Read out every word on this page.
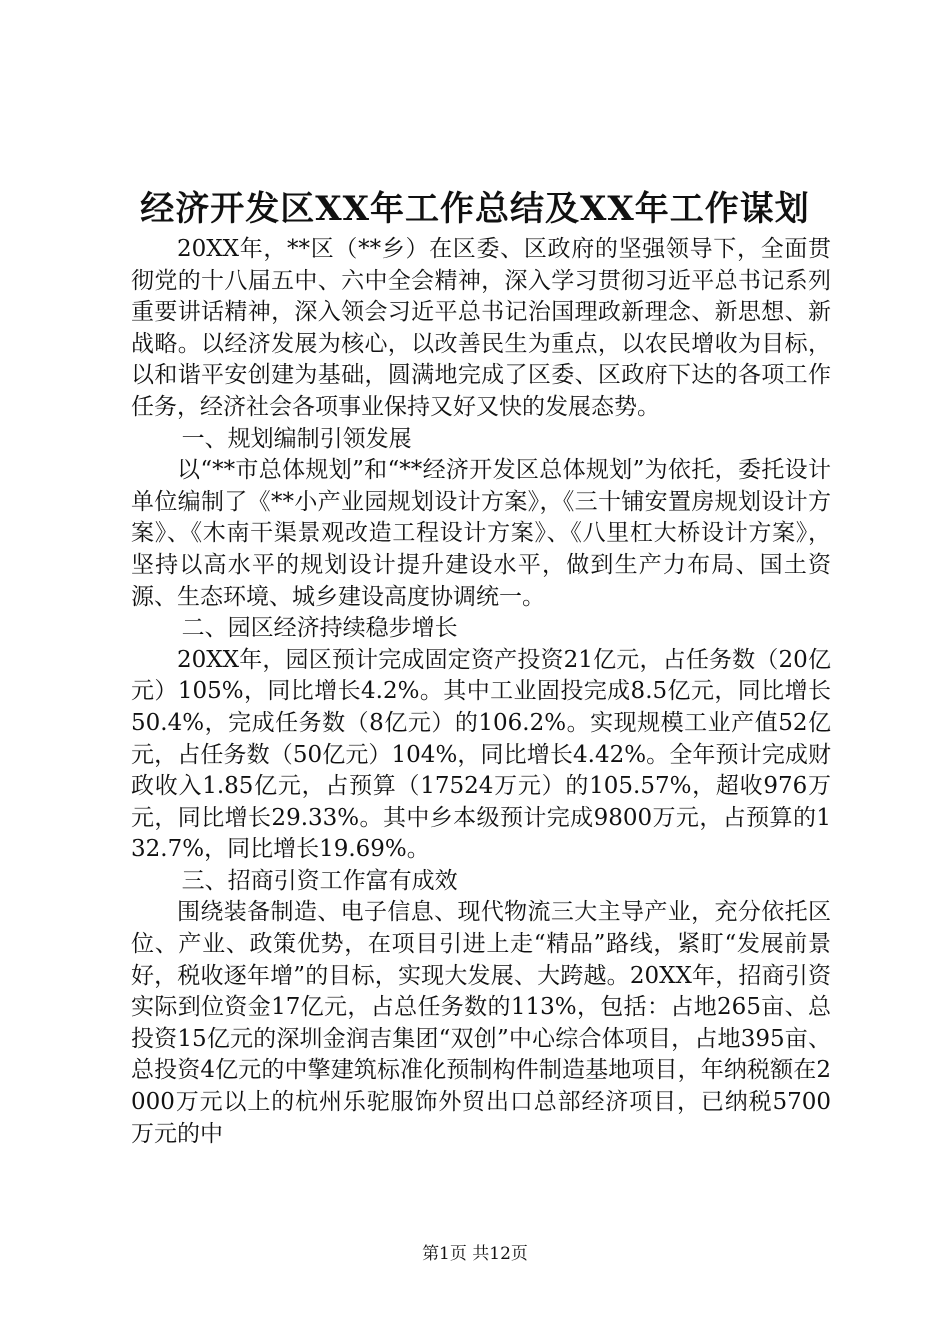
经济开发区XX年工作总结及XX年工作谋划

20XX年，**区（**乡）在区委、区政府的坚强领导下，全面贯彻党的十八届五中、六中全会精神，深入学习贯彻习近平总书记系列重要讲话精神，深入领会习近平总书记治国理政新理念、新思想、新战略。以经济发展为核心，以改善民生为重点，以农民增收为目标，以和谐平安创建为基础，圆满地完成了区委、区政府下达的各项工作任务，经济社会各项事业保持又好又快的发展态势。

一、规划编制引领发展

以“**市总体规划”和“**经济开发区总体规划”为依托，委托设计单位编制了《**小产业园规划设计方案》，《三十铺安置房规划设计方案》、《木南干渠景观改造工程设计方案》、《八里杠大桥设计方案》，坚持以高水平的规划设计提升建设水平，做到生产力布局、国土资源、生态环境、城乡建设高度协调统一。

二、园区经济持续稳步增长

20XX年，园区预计完成固定资产投资21亿元，占任务数（20亿元）105%，同比增长4.2%。其中工业固投完成8.5亿元，同比增长50.4%，完成任务数（8亿元）的106.2%。实现规模工业产值52亿元，占任务数（50亿元）104%，同比增长4.42%。全年预计完成财政收入1.85亿元，占预算（17524万元）的105.57%，超收976万元，同比增长29.33%。其中乡本级预计完成9800万元，占预算的132.7%，同比增长19.69%。

三、招商引资工作富有成效

围绕装备制造、电子信息、现代物流三大主导产业，充分依托区位、产业、政策优势，在项目引进上走“精品”路线，紧盯“发展前景好，税收逐年增”的目标，实现大发展、大跨越。20XX年，招商引资实际到位资金17亿元，占总任务数的113%，包括：占地265亩、总投资15亿元的深圳金润吉集团“双创”中心综合体项目，占地395亩、总投资4亿元的中擎建筑标准化预制构件制造基地项目，年纳税额在2000万元以上的杭州乐驼服饰外贸出口总部经济项目，已纳税5700万元的中

第1页 共12页
